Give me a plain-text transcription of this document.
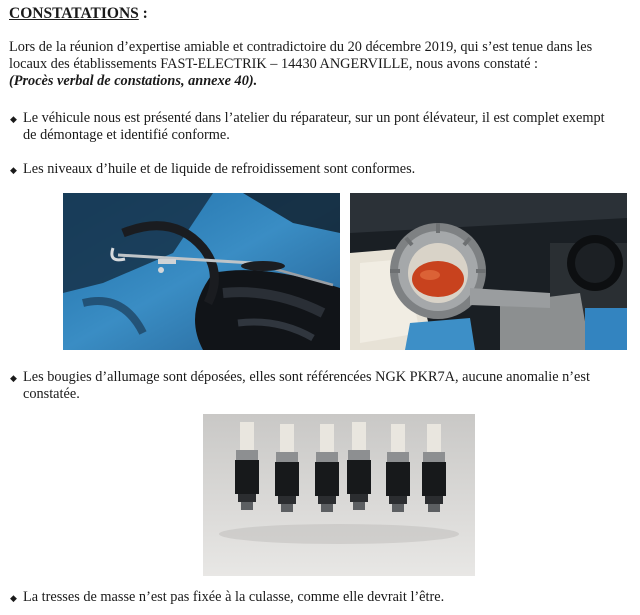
CONSTATATIONS :

Lors de la réunion d’expertise amiable et contradictoire du 20 décembre 2019, qui s’est tenue dans les locaux des établissements FAST-ELECTRIK – 14430 ANGERVILLE, nous avons constaté :
(Procès verbal de constations, annexe 40).

◆ Le véhicule nous est présenté dans l’atelier du réparateur, sur un pont élévateur, il est complet exempt de démontage et identifié conforme.
◆ Les niveaux d’huile et de liquide de refroidissement sont conformes.
◆ Les bougies d’allumage sont déposées, elles sont référencées NGK PKR7A, aucune anomalie n’est constatée.
◆ La tresses de masse n’est pas fixée à la culasse, comme elle devrait l’être.
